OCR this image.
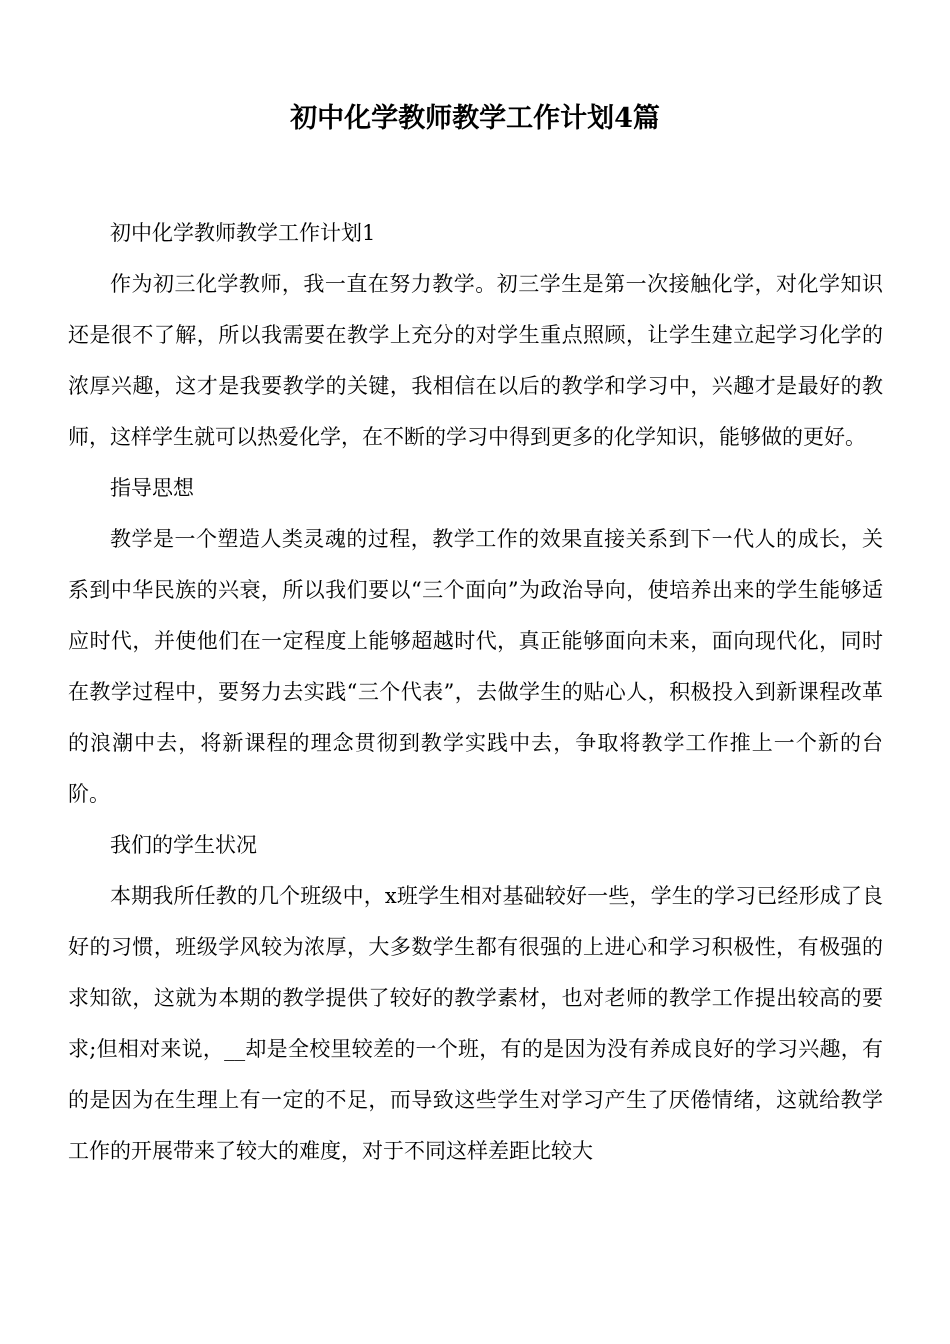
初中化学教师教学工作计划4篇

初中化学教师教学工作计划1

作为初三化学教师，我一直在努力教学。初三学生是第一次接触化学，对化学知识还是很不了解，所以我需要在教学上充分的对学生重点照顾，让学生建立起学习化学的浓厚兴趣，这才是我要教学的关键，我相信在以后的教学和学习中，兴趣才是最好的教师，这样学生就可以热爱化学，在不断的学习中得到更多的化学知识，能够做的更好。

指导思想

教学是一个塑造人类灵魂的过程，教学工作的效果直接关系到下一代人的成长，关系到中华民族的兴衰，所以我们要以“三个面向”为政治导向，使培养出来的学生能够适应时代，并使他们在一定程度上能够超越时代，真正能够面向未来，面向现代化，同时在教学过程中，要努力去实践“三个代表”，去做学生的贴心人，积极投入到新课程改革的浪潮中去，将新课程的理念贯彻到教学实践中去，争取将教学工作推上一个新的台阶。

我们的学生状况

本期我所任教的几个班级中，x班学生相对基础较好一些，学生的学习已经形成了良好的习惯，班级学风较为浓厚，大多数学生都有很强的上进心和学习积极性，有极强的求知欲，这就为本期的教学提供了较好的教学素材，也对老师的教学工作提出较高的要求;但相对来说，__却是全校里较差的一个班，有的是因为没有养成良好的学习兴趣，有的是因为在生理上有一定的不足，而导致这些学生对学习产生了厌倦情绪，这就给教学工作的开展带来了较大的难度，对于不同这样差距比较大
